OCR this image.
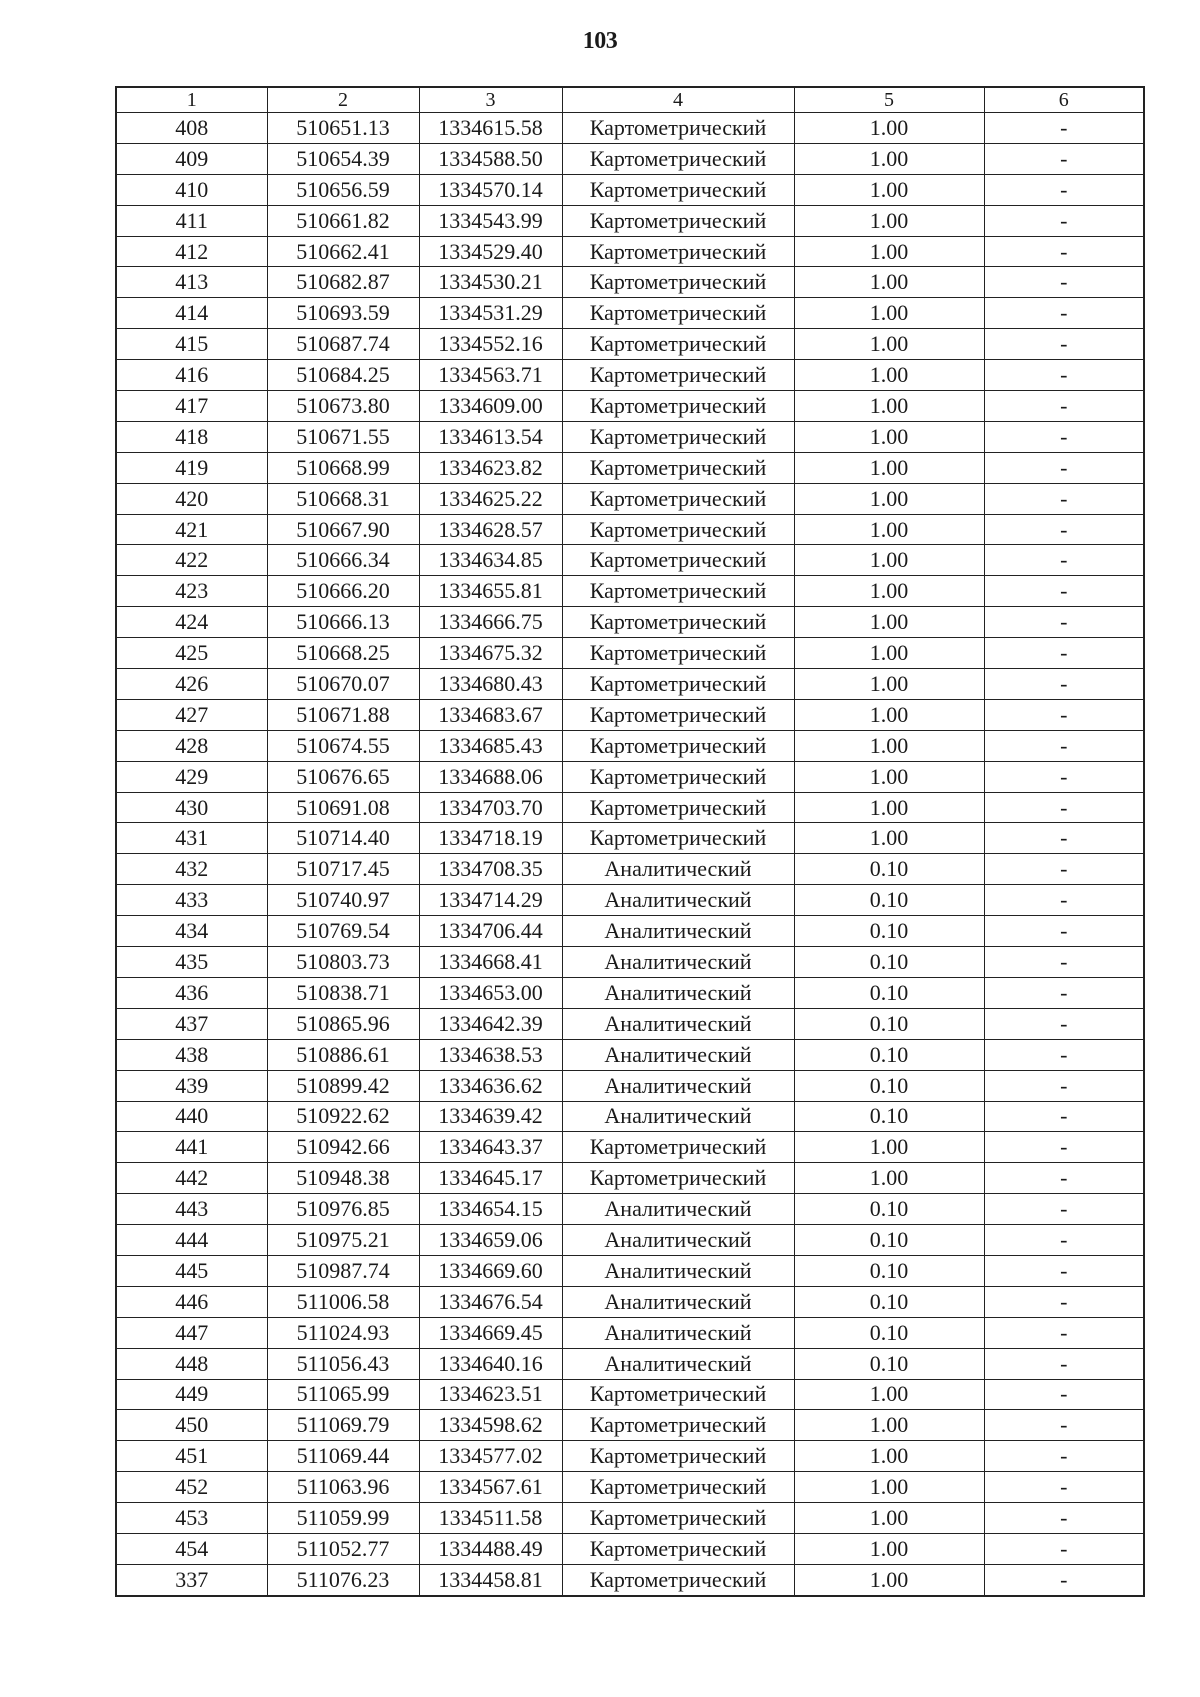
103
1	2	3	4	5	6
408	510651.13	1334615.58	Картометрический	1.00	-
409	510654.39	1334588.50	Картометрический	1.00	-
410	510656.59	1334570.14	Картометрический	1.00	-
411	510661.82	1334543.99	Картометрический	1.00	-
412	510662.41	1334529.40	Картометрический	1.00	-
413	510682.87	1334530.21	Картометрический	1.00	-
414	510693.59	1334531.29	Картометрический	1.00	-
415	510687.74	1334552.16	Картометрический	1.00	-
416	510684.25	1334563.71	Картометрический	1.00	-
417	510673.80	1334609.00	Картометрический	1.00	-
418	510671.55	1334613.54	Картометрический	1.00	-
419	510668.99	1334623.82	Картометрический	1.00	-
420	510668.31	1334625.22	Картометрический	1.00	-
421	510667.90	1334628.57	Картометрический	1.00	-
422	510666.34	1334634.85	Картометрический	1.00	-
423	510666.20	1334655.81	Картометрический	1.00	-
424	510666.13	1334666.75	Картометрический	1.00	-
425	510668.25	1334675.32	Картометрический	1.00	-
426	510670.07	1334680.43	Картометрический	1.00	-
427	510671.88	1334683.67	Картометрический	1.00	-
428	510674.55	1334685.43	Картометрический	1.00	-
429	510676.65	1334688.06	Картометрический	1.00	-
430	510691.08	1334703.70	Картометрический	1.00	-
431	510714.40	1334718.19	Картометрический	1.00	-
432	510717.45	1334708.35	Аналитический	0.10	-
433	510740.97	1334714.29	Аналитический	0.10	-
434	510769.54	1334706.44	Аналитический	0.10	-
435	510803.73	1334668.41	Аналитический	0.10	-
436	510838.71	1334653.00	Аналитический	0.10	-
437	510865.96	1334642.39	Аналитический	0.10	-
438	510886.61	1334638.53	Аналитический	0.10	-
439	510899.42	1334636.62	Аналитический	0.10	-
440	510922.62	1334639.42	Аналитический	0.10	-
441	510942.66	1334643.37	Картометрический	1.00	-
442	510948.38	1334645.17	Картометрический	1.00	-
443	510976.85	1334654.15	Аналитический	0.10	-
444	510975.21	1334659.06	Аналитический	0.10	-
445	510987.74	1334669.60	Аналитический	0.10	-
446	511006.58	1334676.54	Аналитический	0.10	-
447	511024.93	1334669.45	Аналитический	0.10	-
448	511056.43	1334640.16	Аналитический	0.10	-
449	511065.99	1334623.51	Картометрический	1.00	-
450	511069.79	1334598.62	Картометрический	1.00	-
451	511069.44	1334577.02	Картометрический	1.00	-
452	511063.96	1334567.61	Картометрический	1.00	-
453	511059.99	1334511.58	Картометрический	1.00	-
454	511052.77	1334488.49	Картометрический	1.00	-
337	511076.23	1334458.81	Картометрический	1.00	-
